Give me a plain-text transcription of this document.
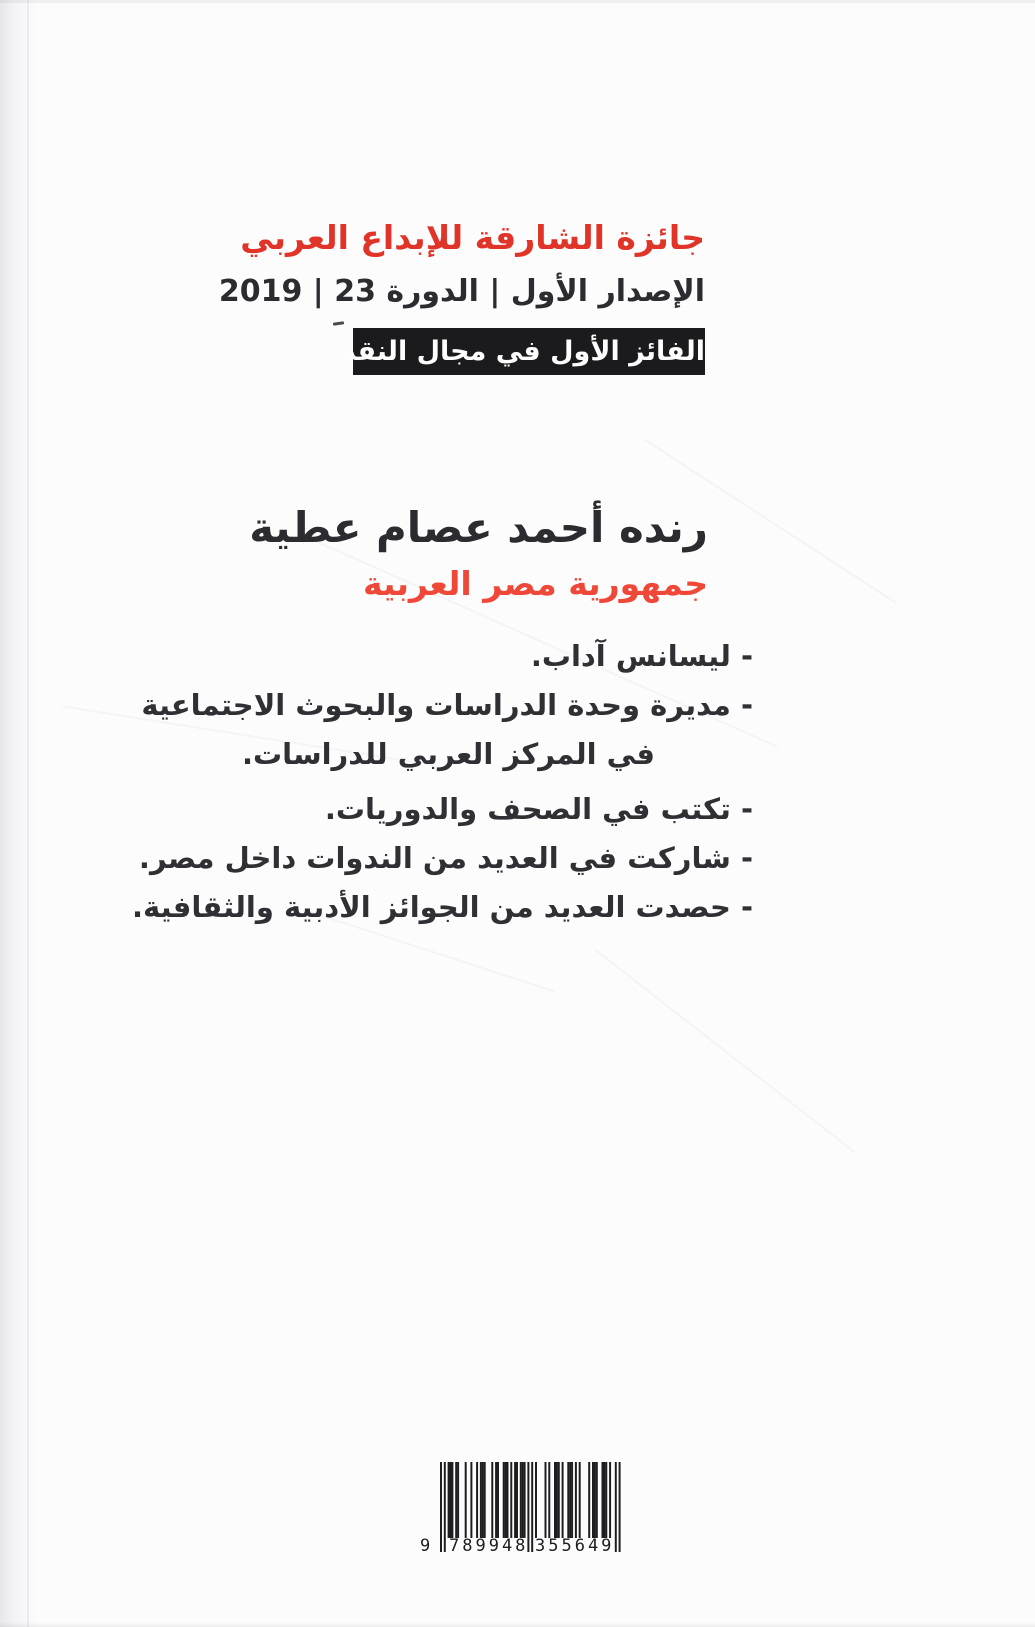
جائزة الشارقة للإبداع العربي
الإصدار الأول | الدورة 23 | 2019
الفائز الأول في مجال النقد
رنده أحمد عصام عطية
جمهورية مصر العربية
- ليسانس آداب.
- مديرة وحدة الدراسات والبحوث الاجتماعية
في المركز العربي للدراسات.
- تكتب في الصحف والدوريات.
- شاركت في العديد من الندوات داخل مصر.
- حصدت العديد من الجوائز الأدبية والثقافية.
9 789948 355649
